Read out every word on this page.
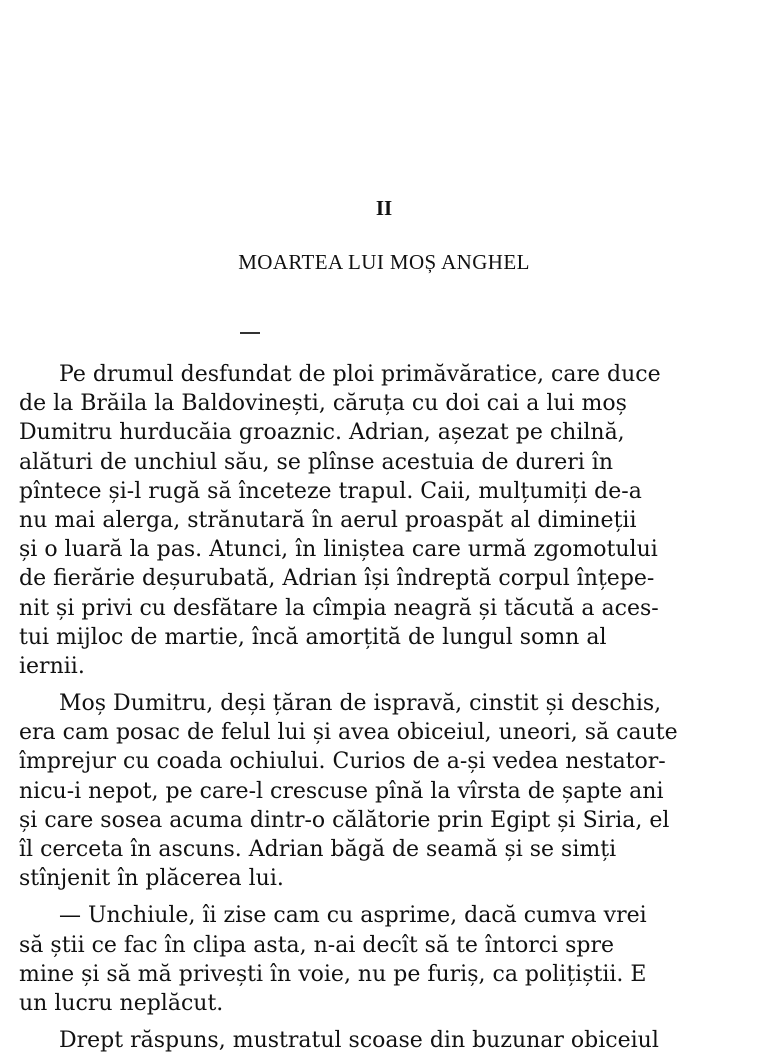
II
MOARTEA LUI MOȘ ANGHEL
Pe drumul desfundat de ploi primăvăratice, care duce
de la Brăila la Baldovinești, căruța cu doi cai a lui moș
Dumitru hurducăia groaznic. Adrian, așezat pe chilnă,
alături de unchiul său, se plînse acestuia de dureri în
pîntece și-l rugă să înceteze trapul. Caii, mulțumiți de-a
nu mai alerga, strănutară în aerul proaspăt al dimineții
și o luară la pas. Atunci, în liniștea care urmă zgomotului
de fierărie deșurubată, Adrian își îndreptă corpul înțepe-
nit și privi cu desfătare la cîmpia neagră și tăcută a aces-
tui mijloc de martie, încă amorțită de lungul somn al
iernii.
Moș Dumitru, deși țăran de ispravă, cinstit și deschis,
era cam posac de felul lui și avea obiceiul, uneori, să caute
împrejur cu coada ochiului. Curios de a-și vedea nestator-
nicu-i nepot, pe care-l crescuse pînă la vîrsta de șapte ani
și care sosea acuma dintr-o călătorie prin Egipt și Siria, el
îl cerceta în ascuns. Adrian băgă de seamă și se simți
stînjenit în plăcerea lui.
— Unchiule, îi zise cam cu asprime, dacă cumva vrei
să știi ce fac în clipa asta, n-ai decît să te întorci spre
mine și să mă privești în voie, nu pe furiș, ca polițiștii. E
un lucru neplăcut.
Drept răspuns, mustratul scoase din buzunar obiceiul
